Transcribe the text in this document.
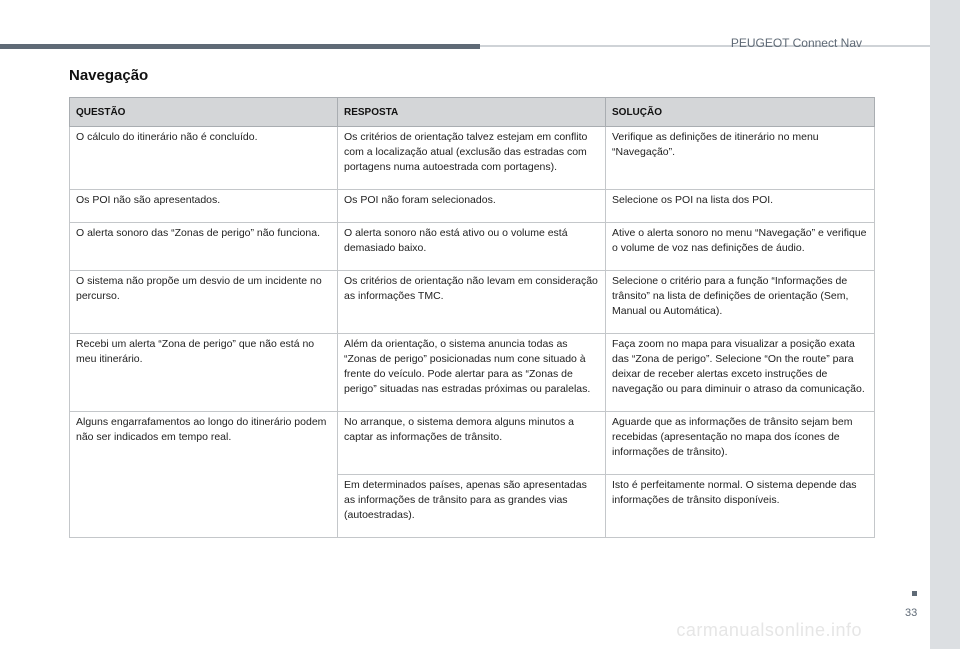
PEUGEOT Connect Nav
Navegação
QUESTÃO	RESPOSTA	SOLUÇÃO
O cálculo do itinerário não é concluído.	Os critérios de orientação talvez estejam em conflito com a localização atual (exclusão das estradas com portagens numa autoestrada com portagens).	Verifique as definições de itinerário no menu “Navegação”.
Os POI não são apresentados.	Os POI não foram selecionados.	Selecione os POI na lista dos POI.
O alerta sonoro das “Zonas de perigo” não funciona.	O alerta sonoro não está ativo ou o volume está demasiado baixo.	Ative o alerta sonoro no menu “Navegação” e verifique o volume de voz nas definições de áudio.
O sistema não propõe um desvio de um incidente no percurso.	Os critérios de orientação não levam em consideração as informações TMC.	Selecione o critério para a função “Informações de trânsito” na lista de definições de orientação (Sem, Manual ou Automática).
Recebi um alerta “Zona de perigo” que não está no meu itinerário.	Além da orientação, o sistema anuncia todas as “Zonas de perigo” posicionadas num cone situado à frente do veículo. Pode alertar para as “Zonas de perigo” situadas nas estradas próximas ou paralelas.	Faça zoom no mapa para visualizar a posição exata das “Zona de perigo”. Selecione “On the route” para deixar de receber alertas exceto instruções de navegação ou para diminuir o atraso da comunicação.
Alguns engarrafamentos ao longo do itinerário podem não ser indicados em tempo real.	No arranque, o sistema demora alguns minutos a captar as informações de trânsito.	Aguarde que as informações de trânsito sejam bem recebidas (apresentação no mapa dos ícones de informações de trânsito).
	Em determinados países, apenas são apresentadas as informações de trânsito para as grandes vias (autoestradas).	Isto é perfeitamente normal. O sistema depende das informações de trânsito disponíveis.
33
carmanualsonline.info
